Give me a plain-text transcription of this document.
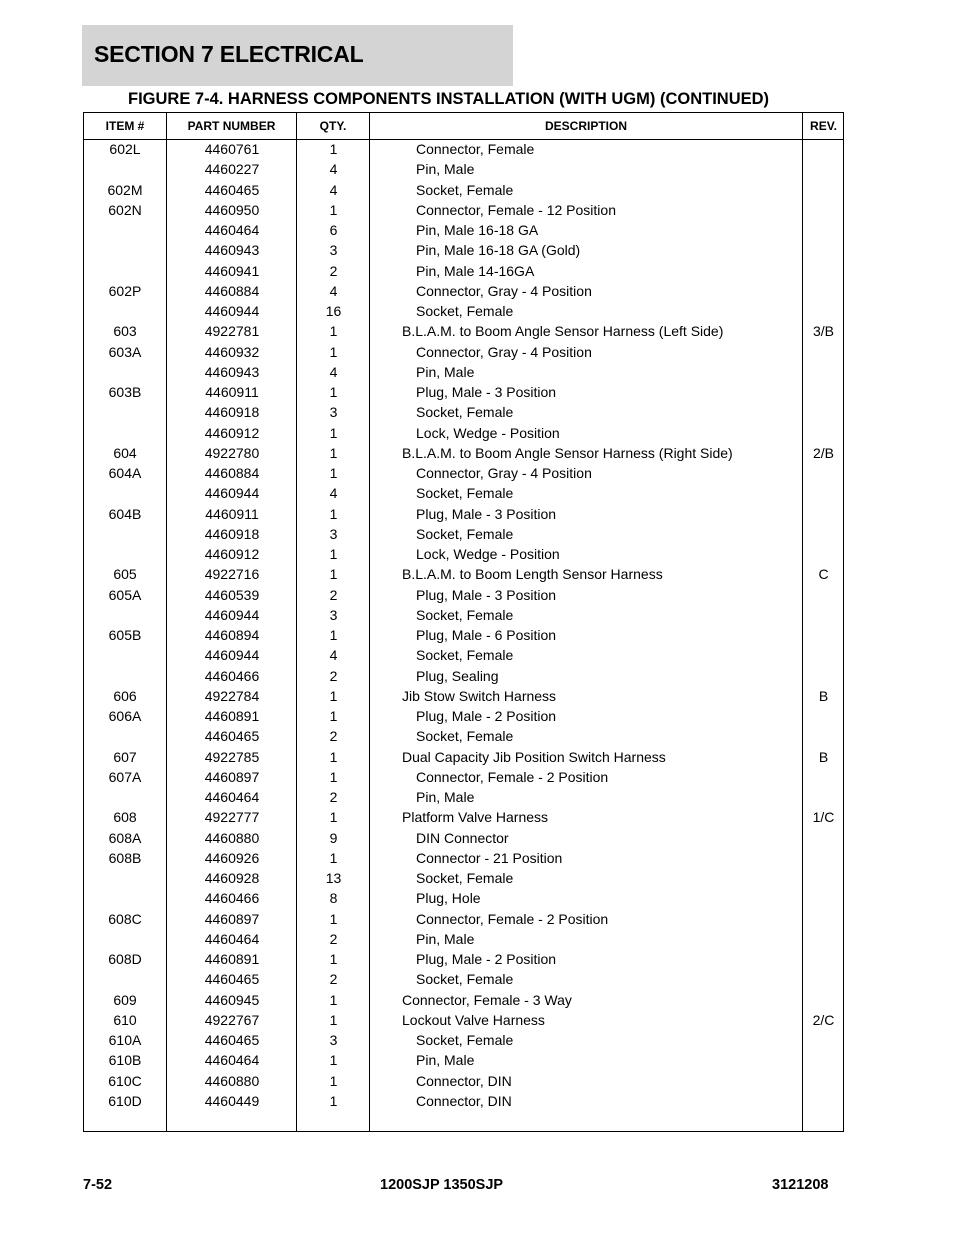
SECTION 7 ELECTRICAL
FIGURE 7-4. HARNESS COMPONENTS INSTALLATION (WITH UGM) (CONTINUED)
ITEM #	PART NUMBER	QTY.	DESCRIPTION	REV.
602L	4460761	1	Connector, Female
4460227	4	Pin, Male
602M	4460465	4	Socket, Female
602N	4460950	1	Connector, Female - 12 Position
4460464	6	Pin, Male 16-18 GA
4460943	3	Pin, Male 16-18 GA (Gold)
4460941	2	Pin, Male 14-16GA
602P	4460884	4	Connector, Gray - 4 Position
4460944	16	Socket, Female
603	4922781	1	B.L.A.M. to Boom Angle Sensor Harness (Left Side)	3/B
603A	4460932	1	Connector, Gray - 4 Position
4460943	4	Pin, Male
603B	4460911	1	Plug, Male - 3 Position
4460918	3	Socket, Female
4460912	1	Lock, Wedge - Position
604	4922780	1	B.L.A.M. to Boom Angle Sensor Harness (Right Side)	2/B
604A	4460884	1	Connector, Gray - 4 Position
4460944	4	Socket, Female
604B	4460911	1	Plug, Male - 3 Position
4460918	3	Socket, Female
4460912	1	Lock, Wedge - Position
605	4922716	1	B.L.A.M. to Boom Length Sensor Harness	C
605A	4460539	2	Plug, Male - 3 Position
4460944	3	Socket, Female
605B	4460894	1	Plug, Male - 6 Position
4460944	4	Socket, Female
4460466	2	Plug, Sealing
606	4922784	1	Jib Stow Switch Harness	B
606A	4460891	1	Plug, Male - 2 Position
4460465	2	Socket, Female
607	4922785	1	Dual Capacity Jib Position Switch Harness	B
607A	4460897	1	Connector, Female - 2 Position
4460464	2	Pin, Male
608	4922777	1	Platform Valve Harness	1/C
608A	4460880	9	DIN Connector
608B	4460926	1	Connector - 21 Position
4460928	13	Socket, Female
4460466	8	Plug, Hole
608C	4460897	1	Connector, Female - 2 Position
4460464	2	Pin, Male
608D	4460891	1	Plug, Male - 2 Position
4460465	2	Socket, Female
609	4460945	1	Connector, Female - 3 Way
610	4922767	1	Lockout Valve Harness	2/C
610A	4460465	3	Socket, Female
610B	4460464	1	Pin, Male
610C	4460880	1	Connector, DIN
610D	4460449	1	Connector, DIN
7-52	1200SJP 1350SJP	3121208
